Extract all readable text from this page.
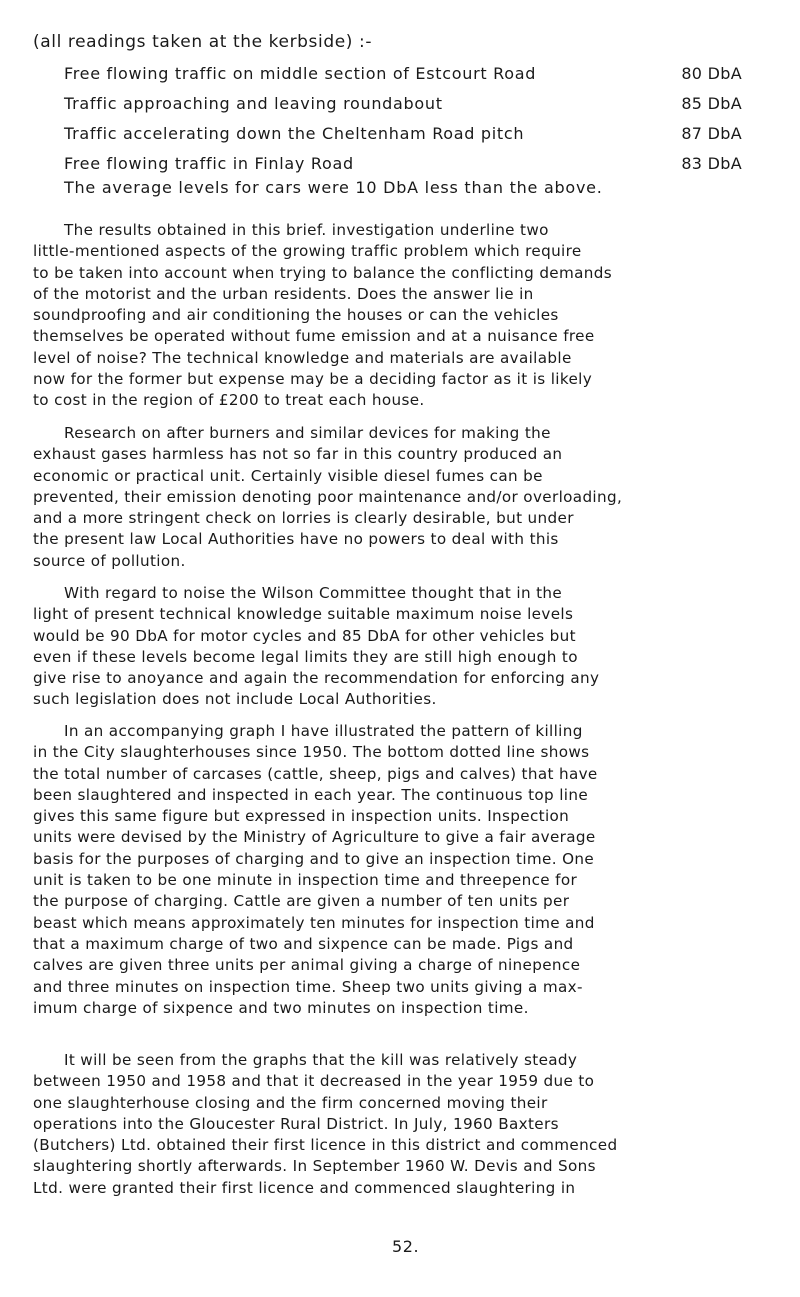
(all readings taken at the kerbside) :-
Free flowing traffic on middle section of Estcourt Road	80 DbA
Traffic approaching and leaving roundabout	85 DbA
Traffic accelerating down the Cheltenham Road pitch	87 DbA
Free flowing traffic in Finlay Road	83 DbA
The average levels for cars were 10 DbA less than the above.
The results obtained in this brief. investigation underline two
little-mentioned aspects of the growing traffic problem which require
to be taken into account when trying to balance the conflicting demands
of the motorist and the urban residents. Does the answer lie in
soundproofing and air conditioning the houses or can the vehicles
themselves be operated without fume emission and at a nuisance free
level of noise? The technical knowledge and materials are available
now for the former but expense may be a deciding factor as it is likely
to cost in the region of £200 to treat each house.
Research on after burners and similar devices for making the
exhaust gases harmless has not so far in this country produced an
economic or practical unit. Certainly visible diesel fumes can be
prevented, their emission denoting poor maintenance and/or overloading,
and a more stringent check on lorries is clearly desirable, but under
the present law Local Authorities have no powers to deal with this
source of pollution.
With regard to noise the Wilson Committee thought that in the
light of present technical knowledge suitable maximum noise levels
would be 90 DbA for motor cycles and 85 DbA for other vehicles but
even if these levels become legal limits they are still high enough to
give rise to anoyance and again the recommendation for enforcing any
such legislation does not include Local Authorities.
In an accompanying graph I have illustrated the pattern of killing
in the City slaughterhouses since 1950. The bottom dotted line shows
the total number of carcases (cattle, sheep, pigs and calves) that have
been slaughtered and inspected in each year. The continuous top line
gives this same figure but expressed in inspection units. Inspection
units were devised by the Ministry of Agriculture to give a fair average
basis for the purposes of charging and to give an inspection time. One
unit is taken to be one minute in inspection time and threepence for
the purpose of charging. Cattle are given a number of ten units per
beast which means approximately ten minutes for inspection time and
that a maximum charge of two and sixpence can be made. Pigs and
calves are given three units per animal giving a charge of ninepence
and three minutes on inspection time. Sheep two units giving a max-
imum charge of sixpence and two minutes on inspection time.
It will be seen from the graphs that the kill was relatively steady
between 1950 and 1958 and that it decreased in the year 1959 due to
one slaughterhouse closing and the firm concerned moving their
operations into the Gloucester Rural District. In July, 1960 Baxters
(Butchers) Ltd. obtained their first licence in this district and commenced
slaughtering shortly afterwards. In September 1960 W. Devis and Sons
Ltd. were granted their first licence and commenced slaughtering in
52.
